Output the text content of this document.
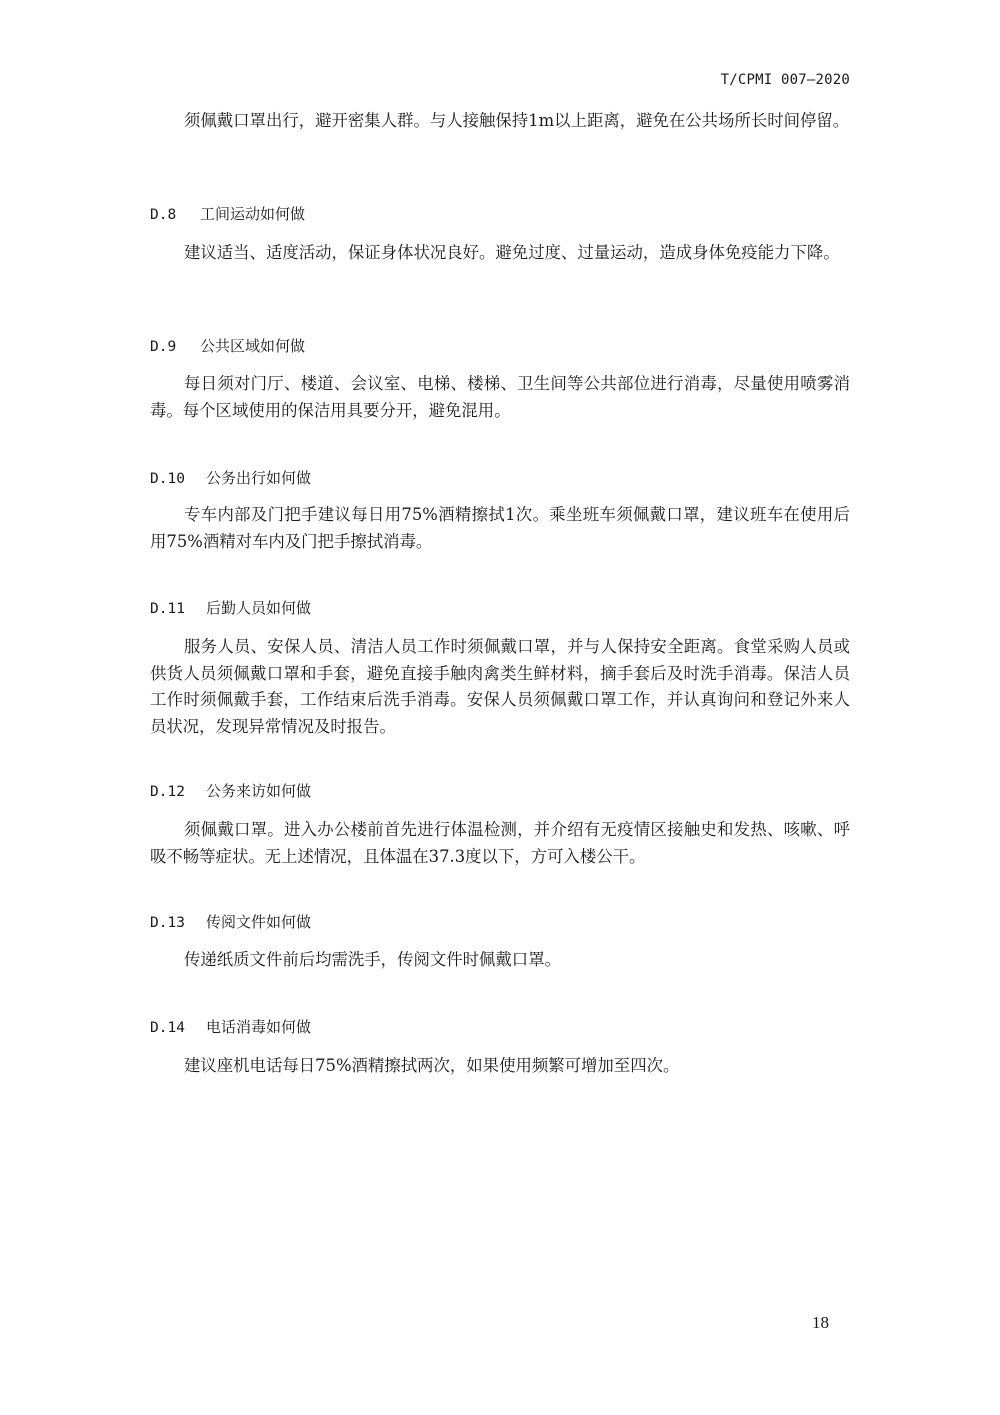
T/CPMI 007—2020

须佩戴口罩出行，避开密集人群。与人接触保持1m以上距离，避免在公共场所长时间停留。

D.8 工间运动如何做

建议适当、适度活动，保证身体状况良好。避免过度、过量运动，造成身体免疫能力下降。

D.9 公共区域如何做

每日须对门厅、楼道、会议室、电梯、楼梯、卫生间等公共部位进行消毒，尽量使用喷雾消毒。每个区域使用的保洁用具要分开，避免混用。

D.10 公务出行如何做

专车内部及门把手建议每日用75%酒精擦拭1次。乘坐班车须佩戴口罩，建议班车在使用后用75%酒精对车内及门把手擦拭消毒。

D.11 后勤人员如何做

服务人员、安保人员、清洁人员工作时须佩戴口罩，并与人保持安全距离。食堂采购人员或供货人员须佩戴口罩和手套，避免直接手触肉禽类生鲜材料，摘手套后及时洗手消毒。保洁人员工作时须佩戴手套，工作结束后洗手消毒。安保人员须佩戴口罩工作，并认真询问和登记外来人员状况，发现异常情况及时报告。

D.12 公务来访如何做

须佩戴口罩。进入办公楼前首先进行体温检测，并介绍有无疫情区接触史和发热、咳嗽、呼吸不畅等症状。无上述情况，且体温在37.3度以下，方可入楼公干。

D.13 传阅文件如何做

传递纸质文件前后均需洗手，传阅文件时佩戴口罩。

D.14 电话消毒如何做

建议座机电话每日75%酒精擦拭两次，如果使用频繁可增加至四次。

18
